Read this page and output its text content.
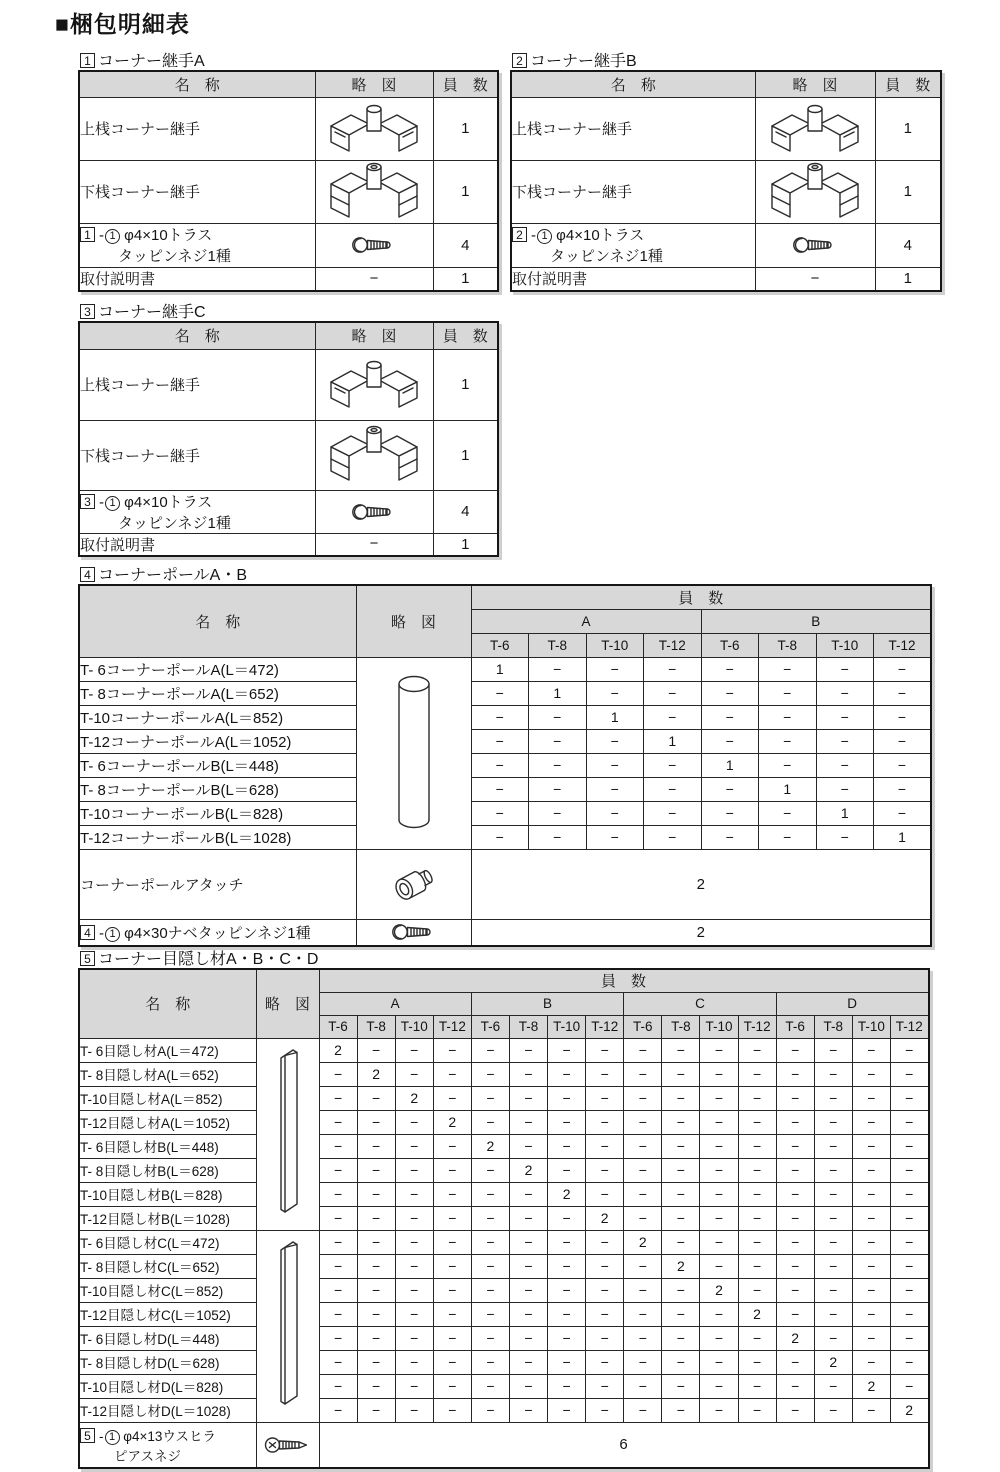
■梱包明細表
1 コーナー継手A
名　称	略　図	員　数
上桟コーナー継手		1
下桟コーナー継手		1

1 - 1 φ4×10トラス
タッピンネジ1種		4
取付説明書	−	1
2 コーナー継手B
名　称	略　図	員　数
上桟コーナー継手		1
下桟コーナー継手		1

2 - 1 φ4×10トラス
タッピンネジ1種		4
取付説明書	−	1
3 コーナー継手C
名　称	略　図	員　数
上桟コーナー継手		1
下桟コーナー継手		1

3 - 1 φ4×10トラス
タッピンネジ1種		4
取付説明書	−	1
4 コーナーポールA・B
名　称	略　図	員　数							
		A				B			
		T-6	T-8	T-10	T-12	T-6	T-8	T-10	T-12
T- 6コーナーポールA(L＝472)		1	−	−	−	−	−	−	−
T- 8コーナーポールA(L＝652)		−	1	−	−	−	−	−	−
T-10コーナーポールA(L＝852)		−	−	1	−	−	−	−	−
T-12コーナーポールA(L＝1052)		−	−	−	1	−	−	−	−
T- 6コーナーポールB(L＝448)		−	−	−	−	1	−	−	−
T- 8コーナーポールB(L＝628)		−	−	−	−	−	1	−	−
T-10コーナーポールB(L＝828)		−	−	−	−	−	−	1	−
T-12コーナーポールB(L＝1028)		−	−	−	−	−	−	−	1
コーナーポールアタッチ		2							

4 - 1 φ4×30ナベタッピンネジ1種		2							
5 コーナー目隠し材A・B・C・D
名　称	略　図	員　数															
		A				B				C				D			
		T-6	T-8	T-10	T-12	T-6	T-8	T-10	T-12	T-6	T-8	T-10	T-12	T-6	T-8	T-10	T-12
T- 6目隠し材A(L＝472)		2	−	−	−	−	−	−	−	−	−	−	−	−	−	−	−
T- 8目隠し材A(L＝652)		−	2	−	−	−	−	−	−	−	−	−	−	−	−	−	−
T-10目隠し材A(L＝852)		−	−	2	−	−	−	−	−	−	−	−	−	−	−	−	−
T-12目隠し材A(L＝1052)		−	−	−	2	−	−	−	−	−	−	−	−	−	−	−	−
T- 6目隠し材B(L＝448)		−	−	−	−	2	−	−	−	−	−	−	−	−	−	−	−
T- 8目隠し材B(L＝628)		−	−	−	−	−	2	−	−	−	−	−	−	−	−	−	−
T-10目隠し材B(L＝828)		−	−	−	−	−	−	2	−	−	−	−	−	−	−	−	−
T-12目隠し材B(L＝1028)		−	−	−	−	−	−	−	2	−	−	−	−	−	−	−	−
T- 6目隠し材C(L＝472)		−	−	−	−	−	−	−	−	2	−	−	−	−	−	−	−
T- 8目隠し材C(L＝652)		−	−	−	−	−	−	−	−	−	2	−	−	−	−	−	−
T-10目隠し材C(L＝852)		−	−	−	−	−	−	−	−	−	−	2	−	−	−	−	−
T-12目隠し材C(L＝1052)		−	−	−	−	−	−	−	−	−	−	−	2	−	−	−	−
T- 6目隠し材D(L＝448)		−	−	−	−	−	−	−	−	−	−	−	−	2	−	−	−
T- 8目隠し材D(L＝628)		−	−	−	−	−	−	−	−	−	−	−	−	−	2	−	−
T-10目隠し材D(L＝828)		−	−	−	−	−	−	−	−	−	−	−	−	−	−	2	−
T-12目隠し材D(L＝1028)		−	−	−	−	−	−	−	−	−	−	−	−	−	−	−	2

5 - 1 φ4×13ウスヒラ
ピアスネジ		6															
